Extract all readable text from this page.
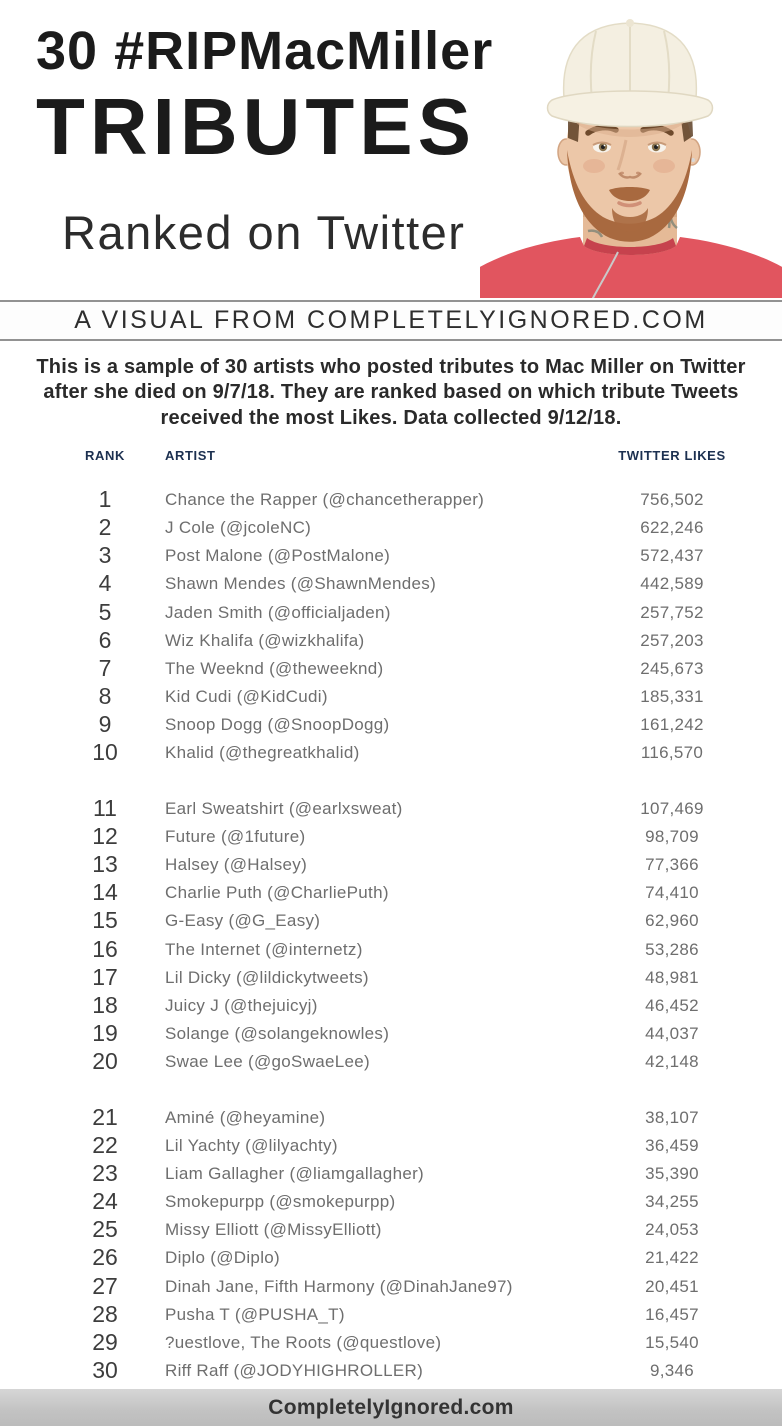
30 #RIPMacMiller
TRIBUTES
Ranked on Twitter
A VISUAL FROM COMPLETELYIGNORED.COM

This is a sample of 30 artists who posted tributes to Mac Miller on Twitter after she died on 9/7/18. They are ranked based on which tribute Tweets received the most Likes. Data collected 9/12/18.

RANK	ARTIST	TWITTER LIKES
1	Chance the Rapper (@chancetherapper)	756,502
2	J Cole (@jcoleNC)	622,246
3	Post Malone (@PostMalone)	572,437
4	Shawn Mendes (@ShawnMendes)	442,589
5	Jaden Smith (@officialjaden)	257,752
6	Wiz Khalifa (@wizkhalifa)	257,203
7	The Weeknd (@theweeknd)	245,673
8	Kid Cudi (@KidCudi)	185,331
9	Snoop Dogg (@SnoopDogg)	161,242
10	Khalid (@thegreatkhalid)	116,570
11	Earl Sweatshirt (@earlxsweat)	107,469
12	Future (@1future)	98,709
13	Halsey (@Halsey)	77,366
14	Charlie Puth (@CharliePuth)	74,410
15	G-Easy (@G_Easy)	62,960
16	The Internet (@internetz)	53,286
17	Lil Dicky (@lildickytweets)	48,981
18	Juicy J (@thejuicyj)	46,452
19	Solange (@solangeknowles)	44,037
20	Swae Lee (@goSwaeLee)	42,148
21	Aminé (@heyamine)	38,107
22	Lil Yachty (@lilyachty)	36,459
23	Liam Gallagher (@liamgallagher)	35,390
24	Smokepurpp (@smokepurpp)	34,255
25	Missy Elliott (@MissyElliott)	24,053
26	Diplo (@Diplo)	21,422
27	Dinah Jane, Fifth Harmony (@DinahJane97)	20,451
28	Pusha T (@PUSHA_T)	16,457
29	?uestlove, The Roots (@questlove)	15,540
30	Riff Raff (@JODYHIGHROLLER)	9,346
CompletelyIgnored.com
